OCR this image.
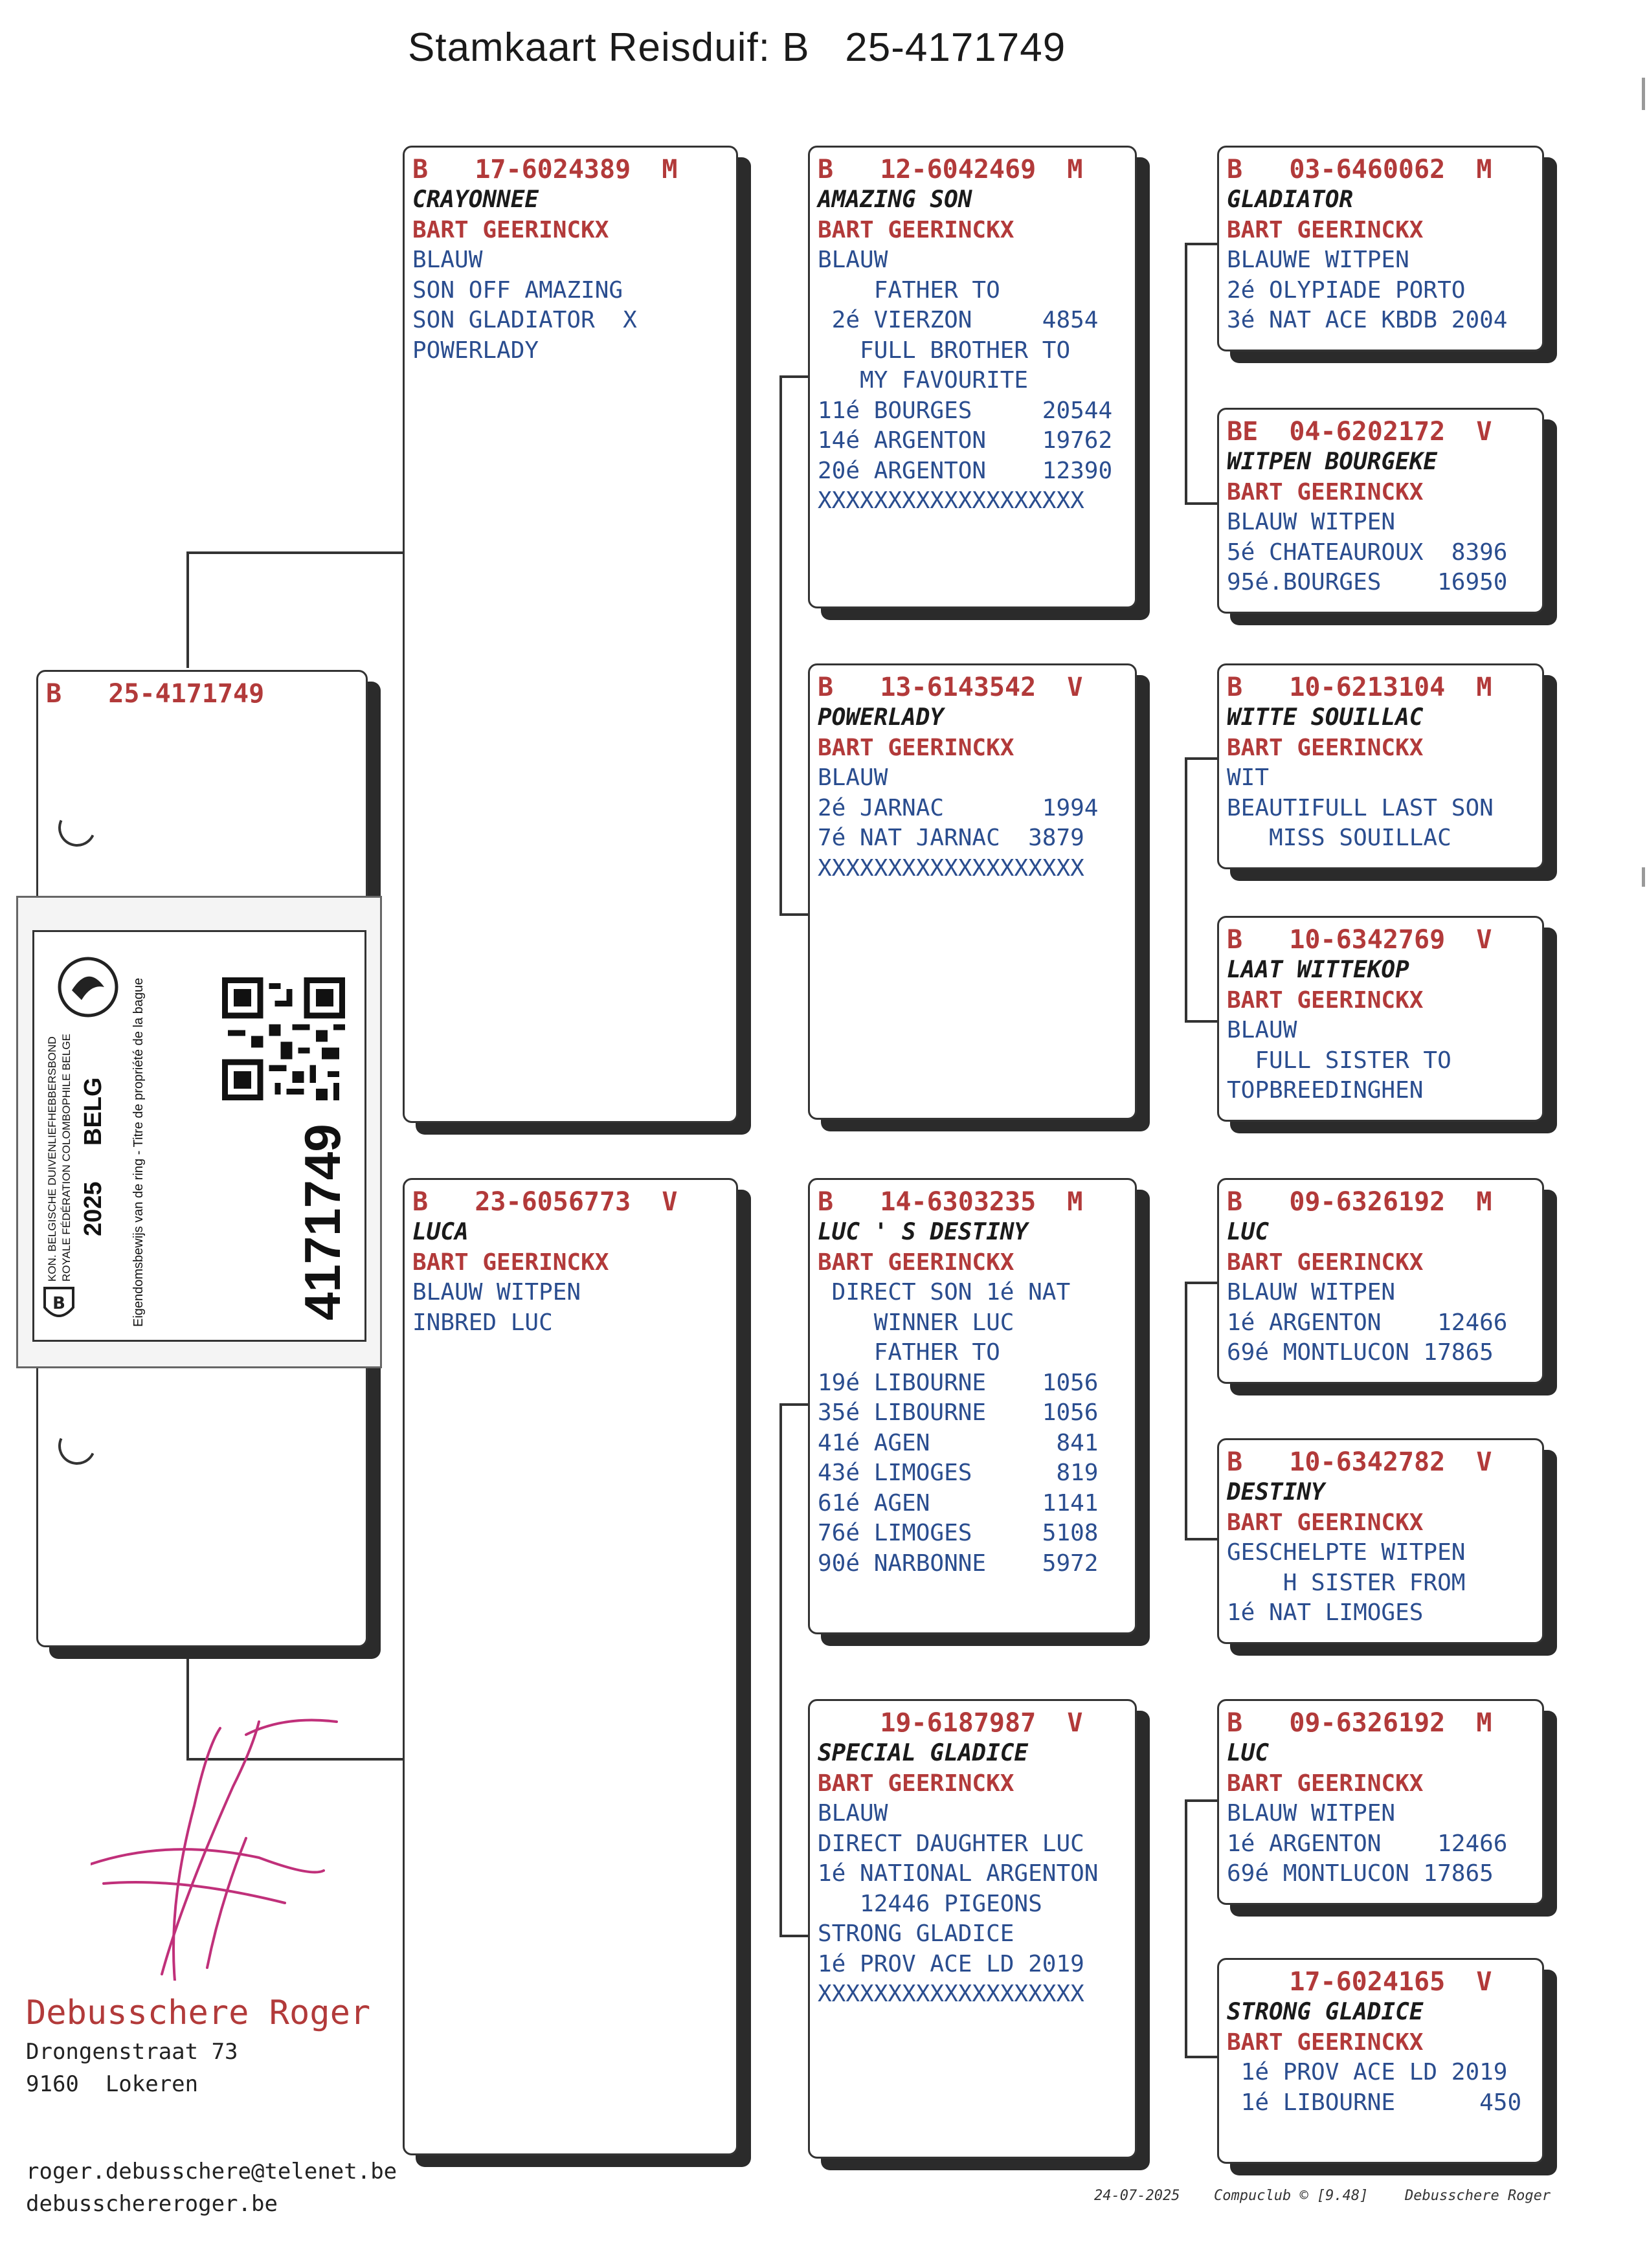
Stamkaart Reisduif: B   25-4171749
B   25-4171749
KON. BELGISCHE DUIVENLIEFHEBBERSBOND ROYALE FÉDÉRATION COLOMBOPHILE BELGE 2025
BELG Eigendomsbewijs van de ring - Titre de propriété de la bague	4171749
B
B   17-6024389  M
CRAYONNEE
BART GEERINCKX
BLAUW
SON OFF AMAZING
SON GLADIATOR  X
POWERLADY
B   23-6056773  V
LUCA
BART GEERINCKX
BLAUW WITPEN
INBRED LUC
B   12-6042469  M
AMAZING SON
BART GEERINCKX
BLAUW
FATHER TO
2é VIERZON     4854
FULL BROTHER TO
MY FAVOURITE
11é BOURGES     20544
14é ARGENTON    19762
20é ARGENTON    12390
XXXXXXXXXXXXXXXXXXX
B   13-6143542  V
POWERLADY
BART GEERINCKX
BLAUW
2é JARNAC       1994
7é NAT JARNAC  3879
XXXXXXXXXXXXXXXXXXX
B   14-6303235  M
LUC ' S DESTINY
BART GEERINCKX
DIRECT SON 1é NAT
WINNER LUC
FATHER TO
19é LIBOURNE    1056
35é LIBOURNE    1056
41é AGEN         841
43é LIMOGES      819
61é AGEN        1141
76é LIMOGES     5108
90é NARBONNE    5972
19-6187987  V
SPECIAL GLADICE
BART GEERINCKX
BLAUW
DIRECT DAUGHTER LUC
1é NATIONAL ARGENTON
12446 PIGEONS
STRONG GLADICE
1é PROV ACE LD 2019
XXXXXXXXXXXXXXXXXXX
B   03-6460062  M
GLADIATOR
BART GEERINCKX
BLAUWE WITPEN
2é OLYPIADE PORTO
3é NAT ACE KBDB 2004
BE  04-6202172  V
WITPEN BOURGEKE
BART GEERINCKX
BLAUW WITPEN
5é CHATEAUROUX  8396
95é.BOURGES    16950
B   10-6213104  M
WITTE SOUILLAC
BART GEERINCKX
WIT
BEAUTIFULL LAST SON
MISS SOUILLAC
B   10-6342769  V
LAAT WITTEKOP
BART GEERINCKX
BLAUW
FULL SISTER TO
TOPBREEDINGHEN
B   09-6326192  M
LUC
BART GEERINCKX
BLAUW WITPEN
1é ARGENTON    12466
69é MONTLUCON 17865
B   10-6342782  V
DESTINY
BART GEERINCKX
GESCHELPTE WITPEN
H SISTER FROM
1é NAT LIMOGES
B   09-6326192  M
LUC
BART GEERINCKX
BLAUW WITPEN
1é ARGENTON    12466
69é MONTLUCON 17865
17-6024165  V
STRONG GLADICE
BART GEERINCKX
1é PROV ACE LD 2019
1é LIBOURNE      450
Debusschere Roger
Drongenstraat 73
9160  Lokeren
roger.debusschere@telenet.be
debusschereroger.be	24-07-2025 Compuclub © [9.48]	Debusschere Roger
